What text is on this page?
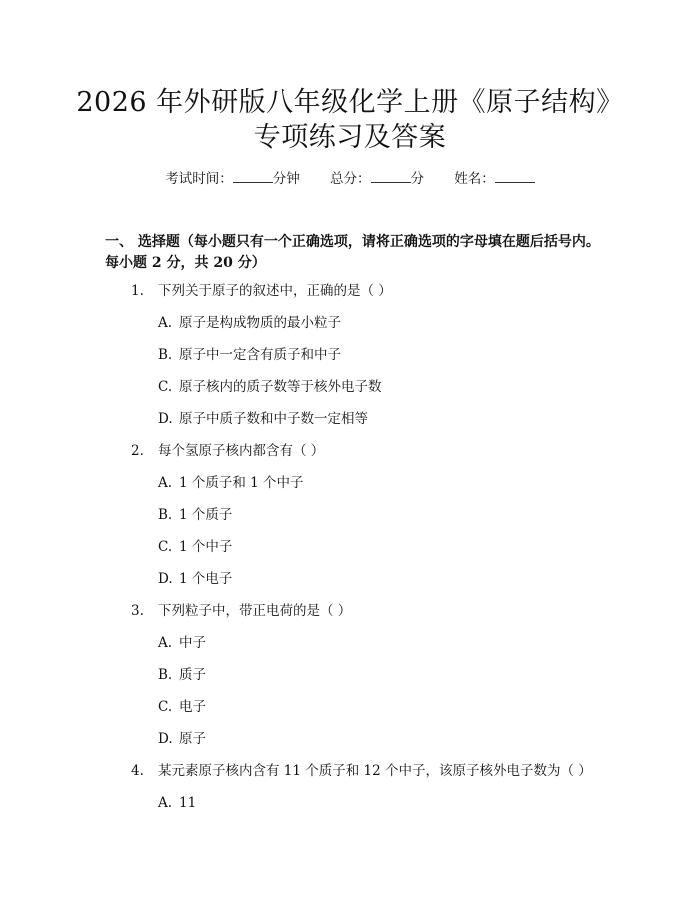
2026 年外研版八年级化学上册《原子结构》
专项练习及答案
考试时间：	分钟 总分：	分 姓名：
一、 选择题（每小题只有一个正确选项，请将正确选项的字母填在题后括号内。每小题 2 分，共 20 分）
1. 下列关于原子的叙述中，正确的是（ ）
A. 原子是构成物质的最小粒子
B. 原子中一定含有质子和中子
C. 原子核内的质子数等于核外电子数
D. 原子中质子数和中子数一定相等
2. 每个氢原子核内都含有（ ）
A. 1 个质子和 1 个中子
B. 1 个质子
C. 1 个中子
D. 1 个电子
3. 下列粒子中，带正电荷的是（ ）
A. 中子
B. 质子
C. 电子
D. 原子
4. 某元素原子核内含有 11 个质子和 12 个中子，该原子核外电子数为（ ）
A. 11
